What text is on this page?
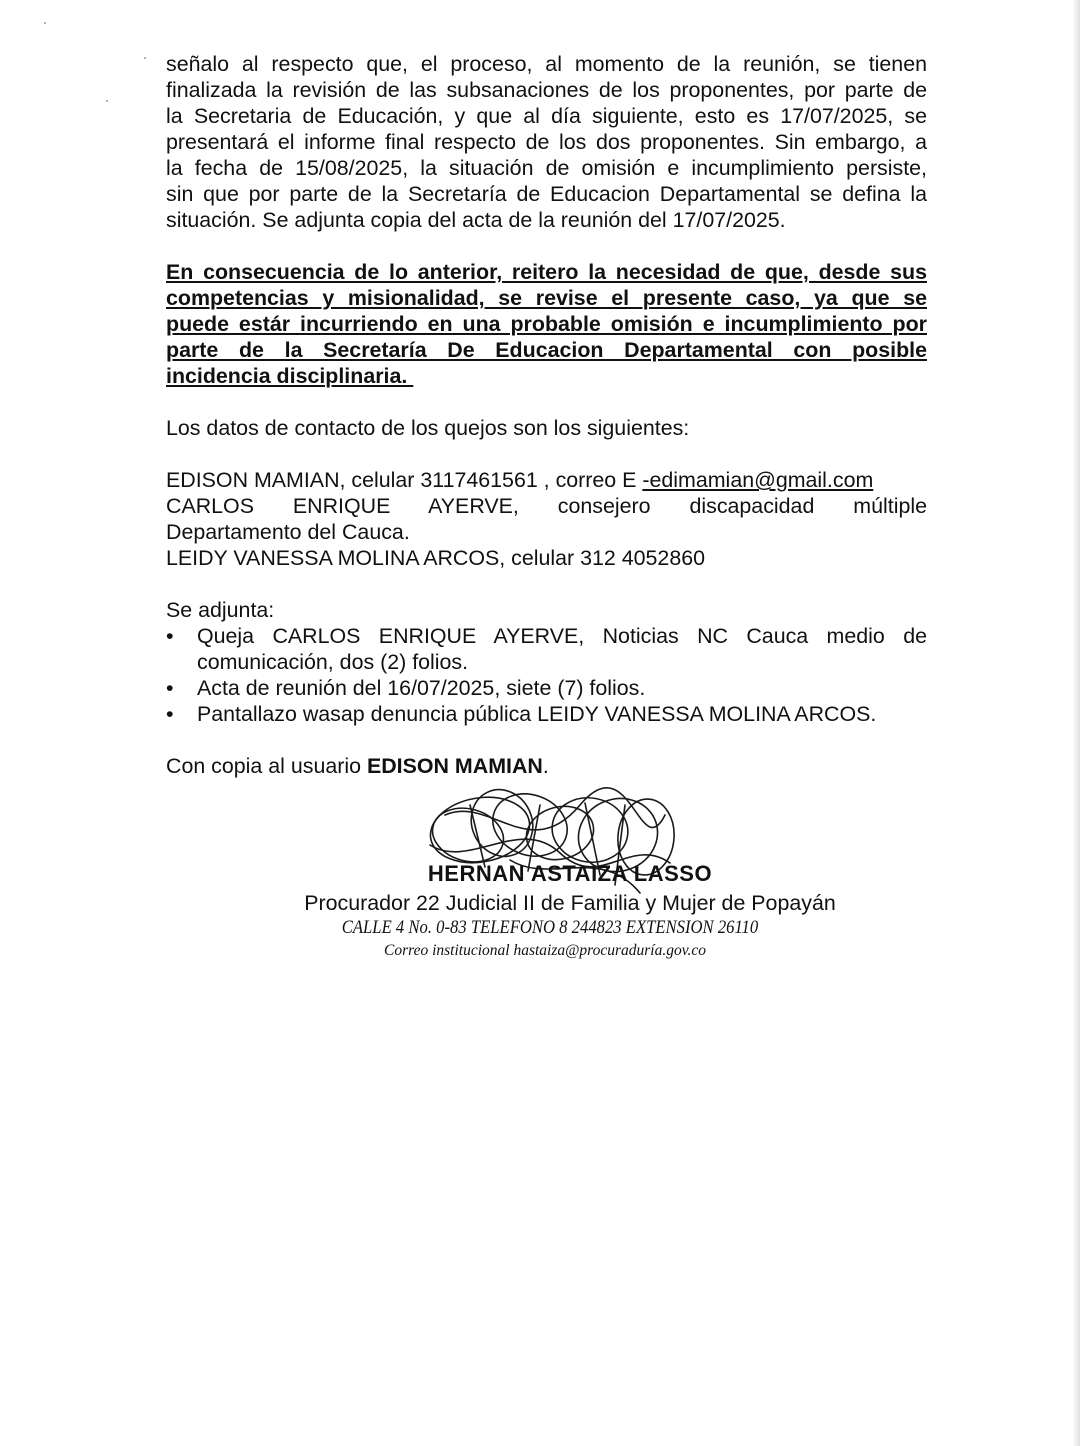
señalo al respecto que, el proceso, al momento de la reunión, se tienen
finalizada la revisión de las subsanaciones de los proponentes, por parte de
la Secretaria de Educación, y que al día siguiente, esto es 17/07/2025, se
presentará el informe final respecto de los dos proponentes. Sin embargo, a
la fecha de 15/08/2025, la situación de omisión e incumplimiento persiste,
sin que por parte de la Secretaría de Educacion Departamental se defina la
situación. Se adjunta copia del acta de la reunión del 17/07/2025.

En consecuencia de lo anterior, reitero la necesidad de que, desde sus
competencias y misionalidad, se revise el presente caso, ya que se
puede estár incurriendo en una probable omisión e incumplimiento por
parte de la Secretaría De Educacion Departamental con posible
incidencia disciplinaria.

Los datos de contacto de los quejos son los siguientes:

EDISON MAMIAN, celular 3117461561 , correo E -edimamian@gmail.com
CARLOS ENRIQUE AYERVE, consejero discapacidad múltiple
Departamento del Cauca.
LEIDY VANESSA MOLINA ARCOS, celular 312 4052860

Se adjunta:

• Queja CARLOS ENRIQUE AYERVE, Noticias NC Cauca medio de comunicación, dos (2) folios.
• Acta de reunión del 16/07/2025, siete (7) folios.
• Pantallazo wasap denuncia pública LEIDY VANESSA MOLINA ARCOS.

Con copia al usuario EDISON MAMIAN.

HERNAN ASTAIZA LASSO
Procurador 22 Judicial II de Familia y Mujer de Popayán
CALLE 4 No. 0-83 TELEFONO 8 244823 EXTENSION 26110
Correo institucional hastaiza@procuraduría.gov.co
